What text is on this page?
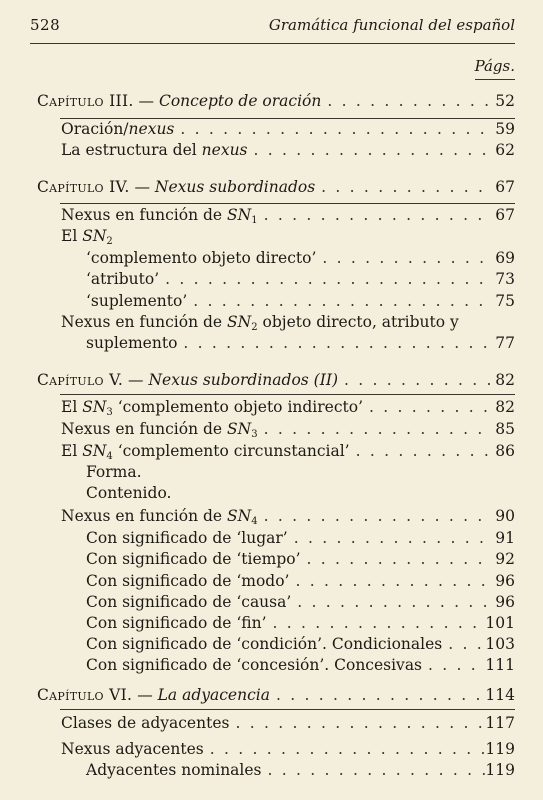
528	Gramática funcional del español
Págs.
Capítulo III. — Concepto de oración . . .	52
Oración/nexus . . .	59
La estructura del nexus . . .	62
Capítulo IV. — Nexus subordinados . . .	67
Nexus en función de $SN_1$ . . .	67
El $SN_2$
‘complemento objeto directo’ . . .	69
‘atributo’ . . .	73
‘suplemento’ . . .	75
Nexus en función de $SN_2$ objeto directo, atributo y
suplemento . . .	77
Capítulo V. — Nexus subordinados (II) . . .	82
El $SN_3$ ‘complemento objeto indirecto’ . . .	82
Nexus en función de $SN_3$ . . .	85
El $SN_4$ ‘complemento circunstancial’ . . .	86
Forma.
Contenido.
Nexus en función de $SN_4$ . . .	90
Con significado de ‘lugar’ . . .	91
Con significado de ‘tiempo’ . . .	92
Con significado de ‘modo’ . . .	96
Con significado de ‘causa’ . . .	96
Con significado de ‘fin’ . . .	101
Con significado de ‘condición’. Condicionales . . .	103
Con significado de ‘concesión’. Concesivas . . .	111
Capítulo VI. — La adyacencia . . .	114
Clases de adyacentes . . .	117
Nexus adyacentes . . .	119
Adyacentes nominales . . .	119
